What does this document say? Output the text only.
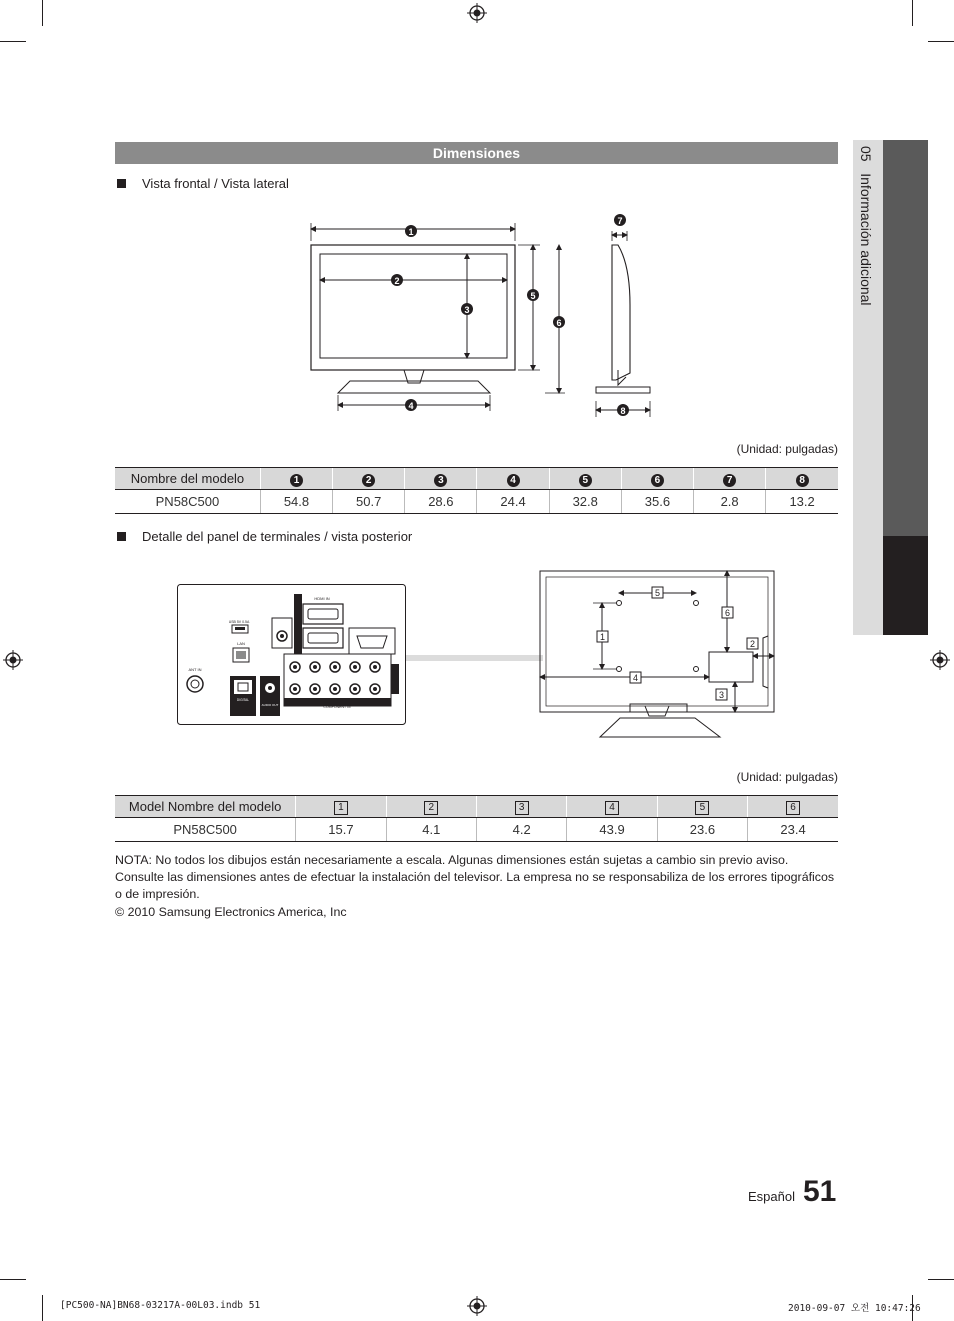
05   Información adicional
Dimensiones
Vista frontal / Vista lateral
1
2
3
4
5
6
7
8
(Unidad: pulgadas)
Nombre del modelo	1	2	3	4	5	6	7	8
PN58C500	54.8	50.7	28.6	24.4	32.8	35.6	2.8	13.2
Detalle del panel de terminales / vista posterior
ANT IN
USB 5V 0.5A
LAN
DIGITAL
AUDIO OUT
HDMI IN
COMPONENT IN
5
1
6
2
4
3
(Unidad: pulgadas)
Model Nombre del modelo	1	2	3	4	5	6
PN58C500	15.7	4.1	4.2	43.9	23.6	23.4
NOTA: No todos los dibujos están necesariamente a escala. Algunas dimensiones están sujetas a cambio sin previo aviso. Consulte las dimensiones antes de efectuar la instalación del televisor. La empresa no se responsabiliza de los errores tipográficos o de impresión.
© 2010 Samsung Electronics America, Inc
Español 51
[PC500-NA]BN68-03217A-00L03.indb 51	2010-09-07 오전 10:47:26
